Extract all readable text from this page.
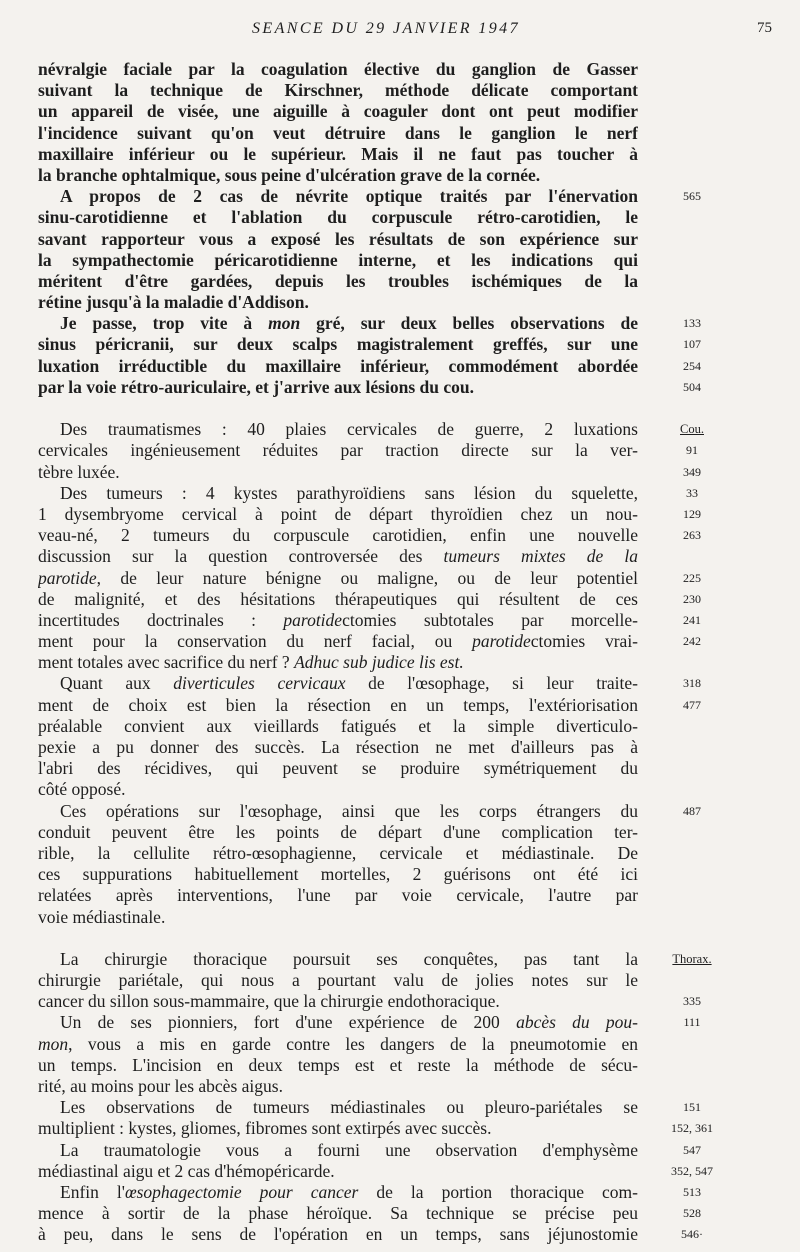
SEANCE DU 29 JANVIER 1947	75
névralgie faciale par la coagulation élective du ganglion de Gasser
suivant la technique de Kirschner, méthode délicate comportant
un appareil de visée, une aiguille à coaguler dont ont peut modifier
l'incidence suivant qu'on veut détruire dans le ganglion le nerf
maxillaire inférieur ou le supérieur. Mais il ne faut pas toucher à
la branche ophtalmique, sous peine d'ulcération grave de la cornée.
A propos de 2 cas de névrite optique traités par l'énervation
sinu-carotidienne et l'ablation du corpuscule rétro-carotidien, le
savant rapporteur vous a exposé les résultats de son expérience sur
la sympathectomie péricarotidienne interne, et les indications qui
méritent d'être gardées, depuis les troubles ischémiques de la
rétine jusqu'à la maladie d'Addison.
Je passe, trop vite à mon gré, sur deux belles observations de
sinus péricranii, sur deux scalps magistralement greffés, sur une
luxation irréductible du maxillaire inférieur, commodément abordée
par la voie rétro-auriculaire, et j'arrive aux lésions du cou.
Des traumatismes : 40 plaies cervicales de guerre, 2 luxations
cervicales ingénieusement réduites par traction directe sur la ver-
tèbre luxée.
Des tumeurs : 4 kystes parathyroïdiens sans lésion du squelette,
1 dysembryome cervical à point de départ thyroïdien chez un nou-
veau-né, 2 tumeurs du corpuscule carotidien, enfin une nouvelle
discussion sur la question controversée des tumeurs mixtes de la
parotide, de leur nature bénigne ou maligne, ou de leur potentiel
de malignité, et des hésitations thérapeutiques qui résultent de ces
incertitudes doctrinales : parotidectomies subtotales par morcelle-
ment pour la conservation du nerf facial, ou parotidectomies vrai-
ment totales avec sacrifice du nerf ? Adhuc sub judice lis est.
Quant aux diverticules cervicaux de l'œsophage, si leur traite-
ment de choix est bien la résection en un temps, l'extériorisation
préalable convient aux vieillards fatigués et la simple diverticulo-
pexie a pu donner des succès. La résection ne met d'ailleurs pas à
l'abri des récidives, qui peuvent se produire symétriquement du
côté opposé.
Ces opérations sur l'œsophage, ainsi que les corps étrangers du
conduit peuvent être les points de départ d'une complication ter-
rible, la cellulite rétro-œsophagienne, cervicale et médiastinale. De
ces suppurations habituellement mortelles, 2 guérisons ont été ici
relatées après interventions, l'une par voie cervicale, l'autre par
voie médiastinale.
La chirurgie thoracique poursuit ses conquêtes, pas tant la
chirurgie pariétale, qui nous a pourtant valu de jolies notes sur le
cancer du sillon sous-mammaire, que la chirurgie endothoracique.
Un de ses pionniers, fort d'une expérience de 200 abcès du pou-
mon, vous a mis en garde contre les dangers de la pneumotomie en
un temps. L'incision en deux temps est et reste la méthode de sécu-
rité, au moins pour les abcès aigus.
Les observations de tumeurs médiastinales ou pleuro-pariétales se
multiplient : kystes, gliomes, fibromes sont extirpés avec succès.
La traumatologie vous a fourni une observation d'emphysème
médiastinal aigu et 2 cas d'hémopéricarde.
Enfin l'œsophagectomie pour cancer de la portion thoracique com-
mence à sortir de la phase héroïque. Sa technique se précise peu
à peu, dans le sens de l'opération en un temps, sans jéjunostomie
565
133
107
254
504
Cou.
91
349
33
129
263
225
230
241
242
318
477
487
Thorax.
335
111
151
152, 361
547
352, 547
513
528
546·
